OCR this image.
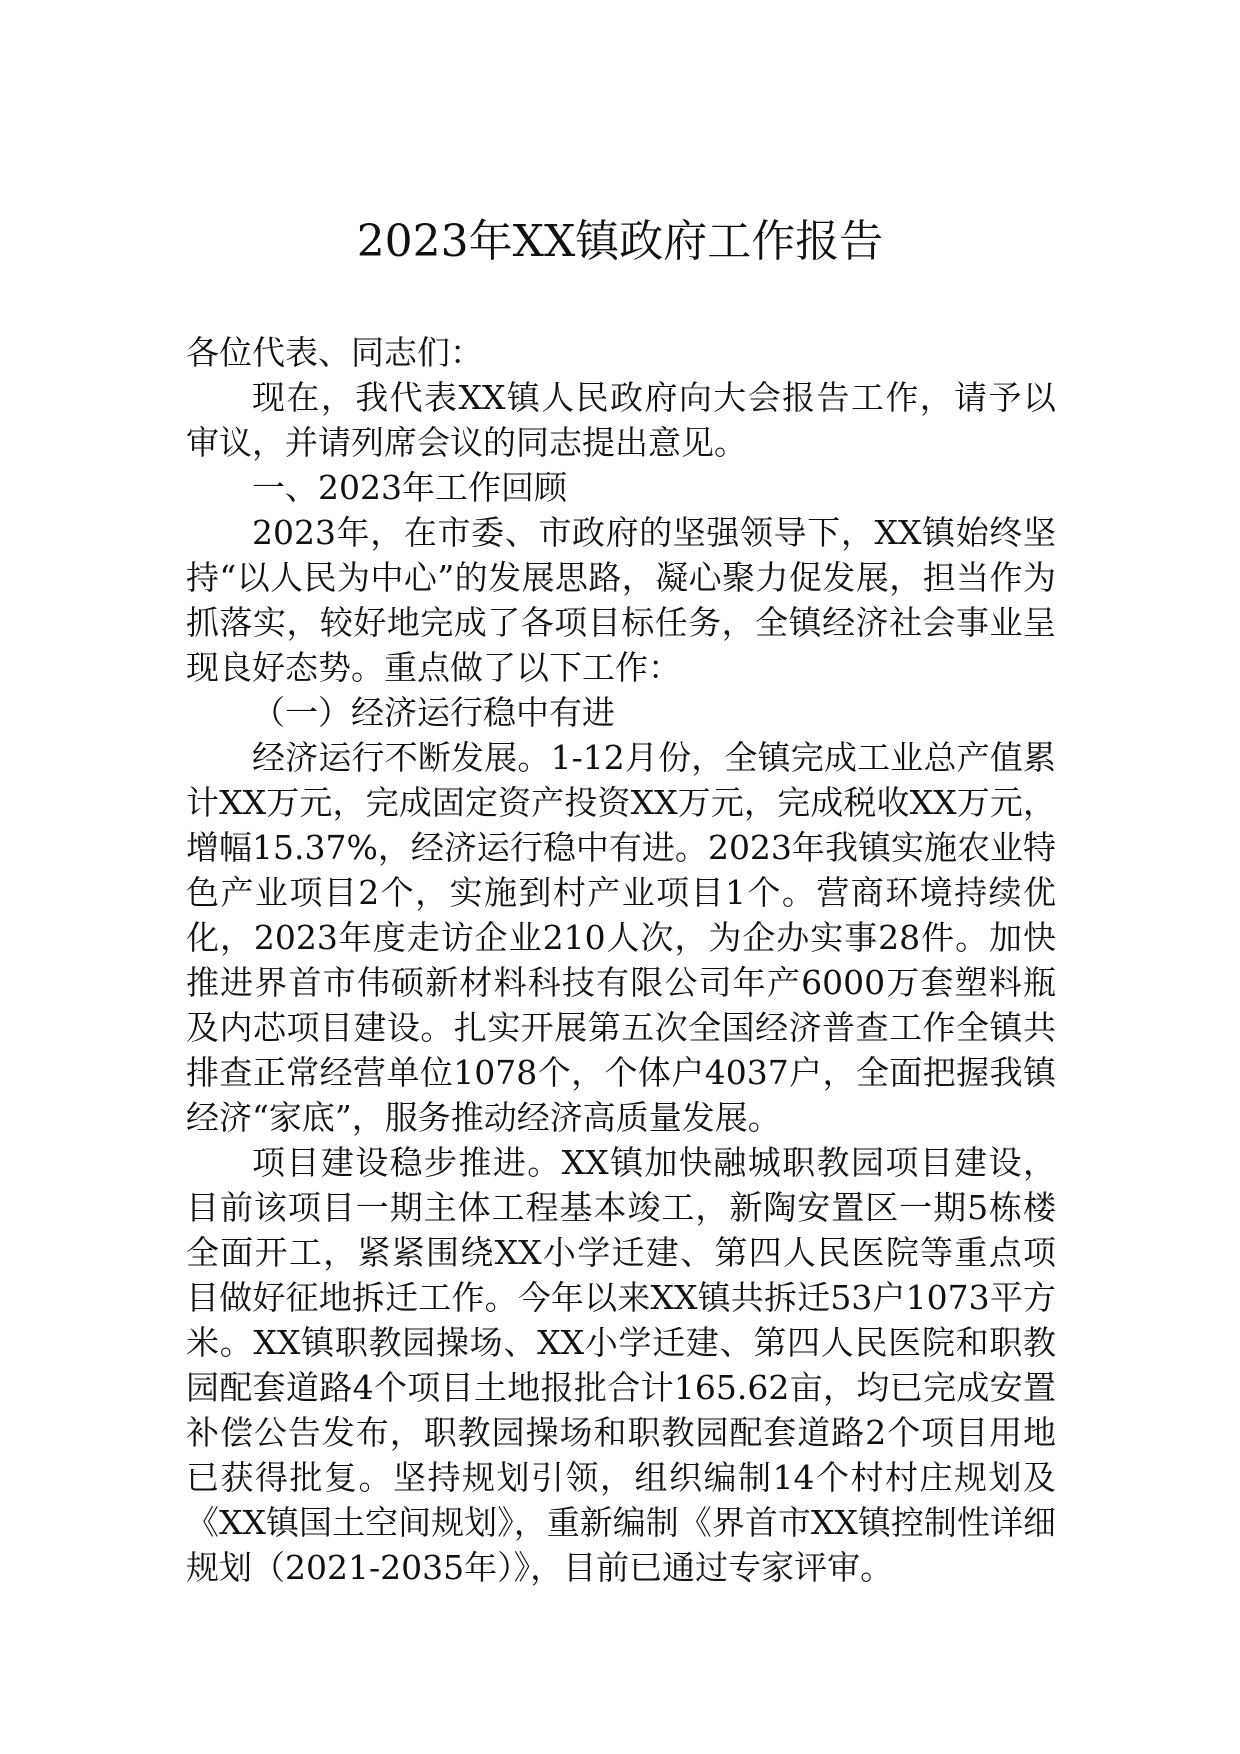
2023年XX镇政府工作报告

各位代表、同志们：

现在，我代表XX镇人民政府向大会报告工作，请予以审议，并请列席会议的同志提出意见。

一、2023年工作回顾

2023年，在市委、市政府的坚强领导下，XX镇始终坚持“以人民为中心”的发展思路，凝心聚力促发展，担当作为抓落实，较好地完成了各项目标任务，全镇经济社会事业呈现良好态势。重点做了以下工作：

（一）经济运行稳中有进

经济运行不断发展。1-12月份，全镇完成工业总产值累计XX万元，完成固定资产投资XX万元，完成税收XX万元，增幅15.37%，经济运行稳中有进。2023年我镇实施农业特色产业项目2个，实施到村产业项目1个。营商环境持续优化，2023年度走访企业210人次，为企办实事28件。加快推进界首市伟硕新材料科技有限公司年产6000万套塑料瓶及内芯项目建设。扎实开展第五次全国经济普查工作全镇共排查正常经营单位1078个，个体户4037户，全面把握我镇经济“家底”，服务推动经济高质量发展。

项目建设稳步推进。XX镇加快融城职教园项目建设，目前该项目一期主体工程基本竣工，新陶安置区一期5栋楼全面开工，紧紧围绕XX小学迁建、第四人民医院等重点项目做好征地拆迁工作。今年以来XX镇共拆迁53户1073平方米。XX镇职教园操场、XX小学迁建、第四人民医院和职教园配套道路4个项目土地报批合计165.62亩，均已完成安置补偿公告发布，职教园操场和职教园配套道路2个项目用地已获得批复。坚持规划引领，组织编制14个村村庄规划及《XX镇国土空间规划》，重新编制《界首市XX镇控制性详细规划（2021-2035年）》，目前已通过专家评审。
